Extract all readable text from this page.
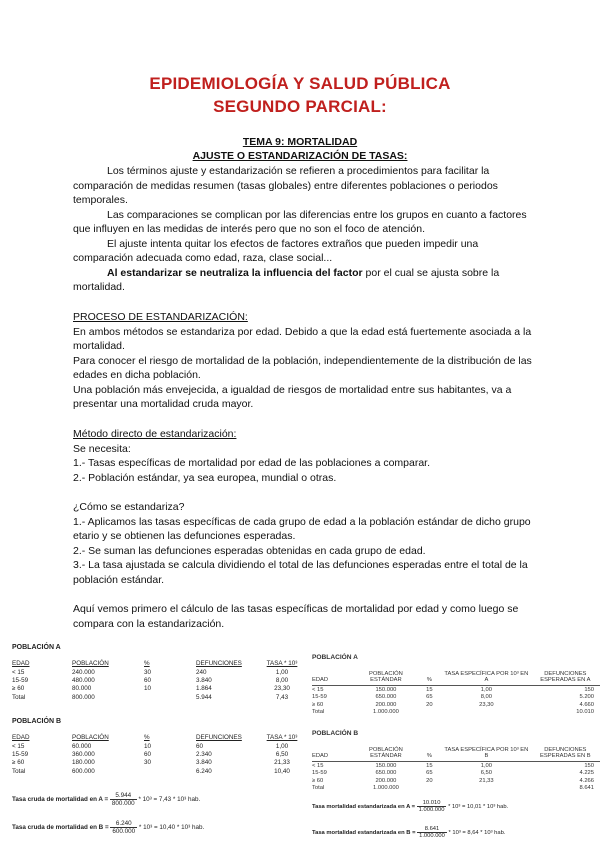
EPIDEMIOLOGÍA Y SALUD PÚBLICA
SEGUNDO PARCIAL:
TEMA 9: MORTALIDAD
AJUSTE O ESTANDARIZACIÓN DE TASAS:

Los términos ajuste y estandarización se refieren a procedimientos para facilitar la comparación de medidas resumen (tasas globales) entre diferentes poblaciones o periodos temporales.

Las comparaciones se complican por las diferencias entre los grupos en cuanto a factores que influyen en las medidas de interés pero que no son el foco de atención.

El ajuste intenta quitar los efectos de factores extraños que pueden impedir una comparación adecuada como edad, raza, clase social...

Al estandarizar se neutraliza la influencia del factor por el cual se ajusta sobre la mortalidad.

PROCESO DE ESTANDARIZACIÓN:

En ambos métodos se estandariza por edad. Debido a que la edad está fuertemente asociada a la mortalidad.

Para conocer el riesgo de mortalidad de la población, independientemente de la distribución de las edades en dicha población.

Una población más envejecida, a igualdad de riesgos de mortalidad entre sus habitantes, va a presentar una mortalidad cruda mayor.

Método directo de estandarización:

Se necesita:

1.- Tasas específicas de mortalidad por edad de las poblaciones a comparar.

2.- Población estándar, ya sea europea, mundial o otras.

¿Cómo se estandariza?

1.- Aplicamos las tasas específicas de cada grupo de edad a la población estándar de dicho grupo etario y se obtienen las defunciones esperadas.

2.- Se suman las defunciones esperadas obtenidas en cada grupo de edad.

3.- La tasa ajustada se calcula dividiendo el total de las defunciones esperadas entre el total de la población estándar.

Aquí vemos primero el cálculo de las tasas específicas de mortalidad por edad y como luego se compara con la estandarización.

POBLACIÓN A
EDAD	POBLACIÓN	%	DEFUNCIONES	TASA * 10³
< 15	240.000	30	240	1,00
15-59	480.000	60	3.840	8,00
≥ 60	80.000	10	1.864	23,30
Total	800.000		5.944	7,43
POBLACIÓN B
EDAD	POBLACIÓN	%	DEFUNCIONES	TASA * 10³
< 15	60.000	10	60	1,00
15-59	360.000	60	2.340	6,50
≥ 60	180.000	30	3.840	21,33
Total	600.000		6.240	10,40
Tasa cruda de mortalidad en $A = \frac{5.944}{800.000} * 10^3 = 7,43 * 10^3$ hab.
Tasa cruda de mortalidad en $B = \frac{6.240}{600.000} * 10^3 = 10,40 * 10^3$ hab.
POBLACIÓN A
EDAD	POBLACIÓN ESTÁNDAR	%	TASA ESPECÍFICA POR 10³ EN A	DEFUNCIONES ESPERADAS EN A
< 15	150.000	15	1,00	150
15-59	650.000	65	8,00	5.200
≥ 60	200.000	20	23,30	4.660
Total	1.000.000			10.010
POBLACIÓN B
EDAD	POBLACIÓN ESTÁNDAR	%	TASA ESPECÍFICA POR 10³ EN B	DEFUNCIONES ESPERADAS EN B
< 15	150.000	15	1,00	150
15-59	650.000	65	6,50	4.225
≥ 60	200.000	20	21,33	4.266
Total	1.000.000			8.641
Tasa mortalidad estandarizada en $A = \frac{10.010}{1.000.000} * 10^3 = 10,01 * 10^3$ hab.
Tasa mortalidad estandarizada en $B = \frac{8.641}{1.000.000} * 10^3 = 8,64 * 10^3$ hab.
